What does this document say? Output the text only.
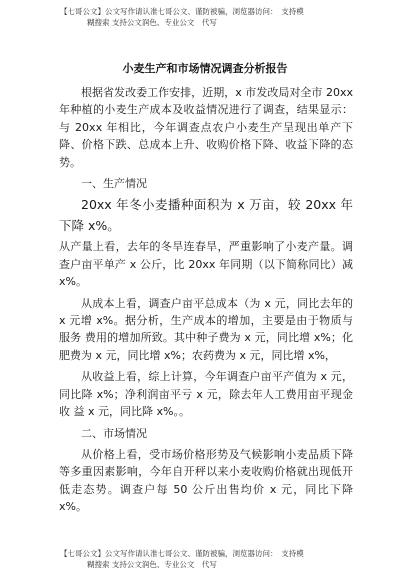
【七哥公文】公文写作请认准七哥公文、谨防被骗，浏览器访问：　支持模
糊搜索 支持公文润色、专业公文　代写
小麦生产和市场情况调查分析报告

根据省发改委工作安排，近期，x 市发改局对全市 20xx 年种植的小麦生产成本及收益情况进行了调查，结果显示：与 20xx 年相比，今年调查点农户小麦生产呈现出单产下降、价格下跌、总成本上升、收购价格下降、收益下降的态势。

一、生产情况

20xx 年冬小麦播种面积为 x 万亩，较 20xx 年下降 x%。

从产量上看，去年的冬旱连春旱，严重影响了小麦产量。调查户亩平单产 x 公斤，比 20xx 年同期（以下简称同比）减 x%。

从成本上看，调查户亩平总成本（为 x 元，同比去年的 x 元增 x%。据分析，生产成本的增加，主要是由于物质与服务 费用的增加所致。其中种子费为 x 元，同比增 x%；化肥费为 x 元，同比增 x%；农药费为 x 元，同比增 x%，

从收益上看，综上计算，今年调查户亩平产值为 x 元，同比降 x%；净利润亩平亏 x 元，除去年人工费用亩平现金收 益 x 元，同比降 x%。。

二、市场情况

从价格上看，受市场价格形势及气候影响小麦品质下降等多重因素影响，今年自开秤以来小麦收购价格就出现低开低走态势。调查户每 50 公斤出售均价 x 元，同比下降 x%。

【七哥公文】公文写作请认准七哥公文、谨防被骗，浏览器访问：　支持模
糊搜索 支持公文润色、专业公文　代写
